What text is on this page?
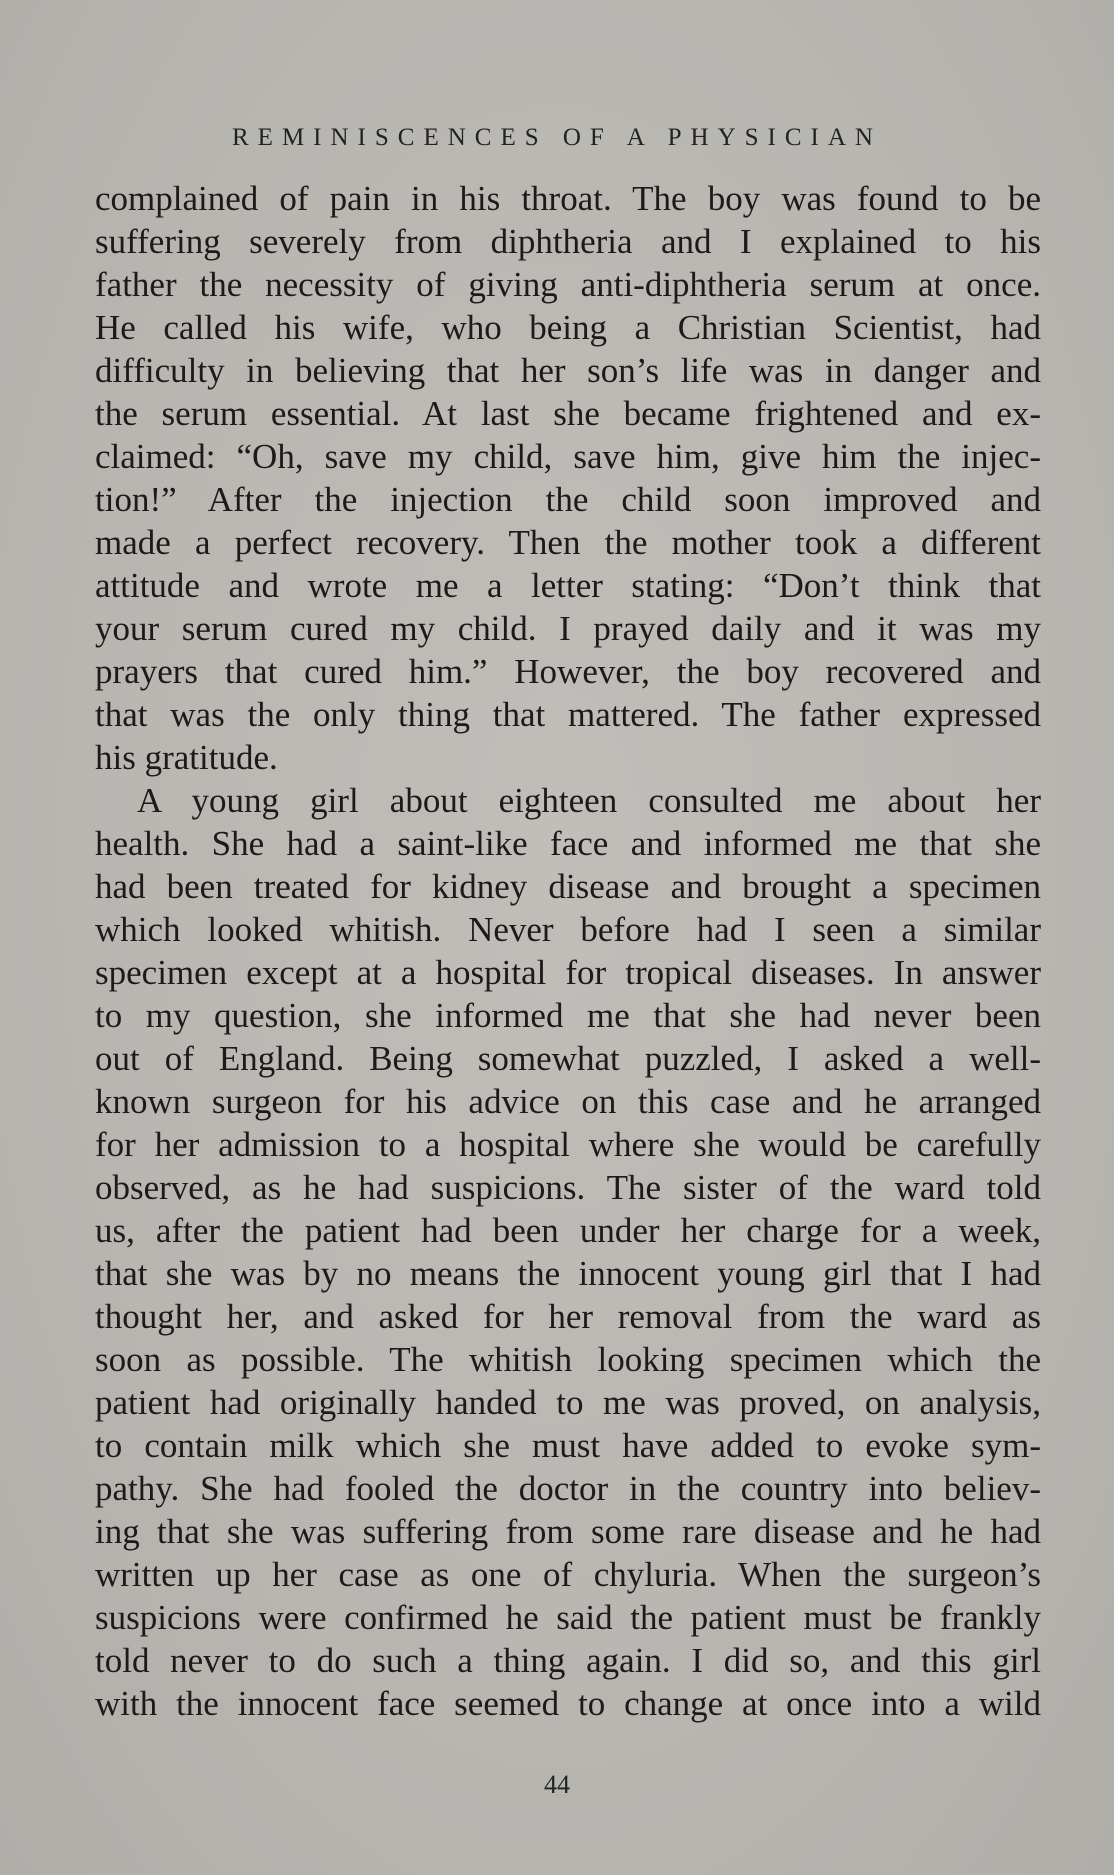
REMINISCENCES OF A PHYSICIAN
complained of pain in his throat. The boy was found to be
suffering severely from diphtheria and I explained to his
father the necessity of giving anti-diphtheria serum at once.
He called his wife, who being a Christian Scientist, had
difficulty in believing that her son’s life was in danger and
the serum essential. At last she became frightened and ex-
claimed: “Oh, save my child, save him, give him the injec-
tion!” After the injection the child soon improved and
made a perfect recovery. Then the mother took a different
attitude and wrote me a letter stating: “Don’t think that
your serum cured my child. I prayed daily and it was my
prayers that cured him.” However, the boy recovered and
that was the only thing that mattered. The father expressed
his gratitude.
A young girl about eighteen consulted me about her
health. She had a saint-like face and informed me that she
had been treated for kidney disease and brought a specimen
which looked whitish. Never before had I seen a similar
specimen except at a hospital for tropical diseases. In answer
to my question, she informed me that she had never been
out of England. Being somewhat puzzled, I asked a well-
known surgeon for his advice on this case and he arranged
for her admission to a hospital where she would be carefully
observed, as he had suspicions. The sister of the ward told
us, after the patient had been under her charge for a week,
that she was by no means the innocent young girl that I had
thought her, and asked for her removal from the ward as
soon as possible. The whitish looking specimen which the
patient had originally handed to me was proved, on analysis,
to contain milk which she must have added to evoke sym-
pathy. She had fooled the doctor in the country into believ-
ing that she was suffering from some rare disease and he had
written up her case as one of chyluria. When the surgeon’s
suspicions were confirmed he said the patient must be frankly
told never to do such a thing again. I did so, and this girl
with the innocent face seemed to change at once into a wild
44
